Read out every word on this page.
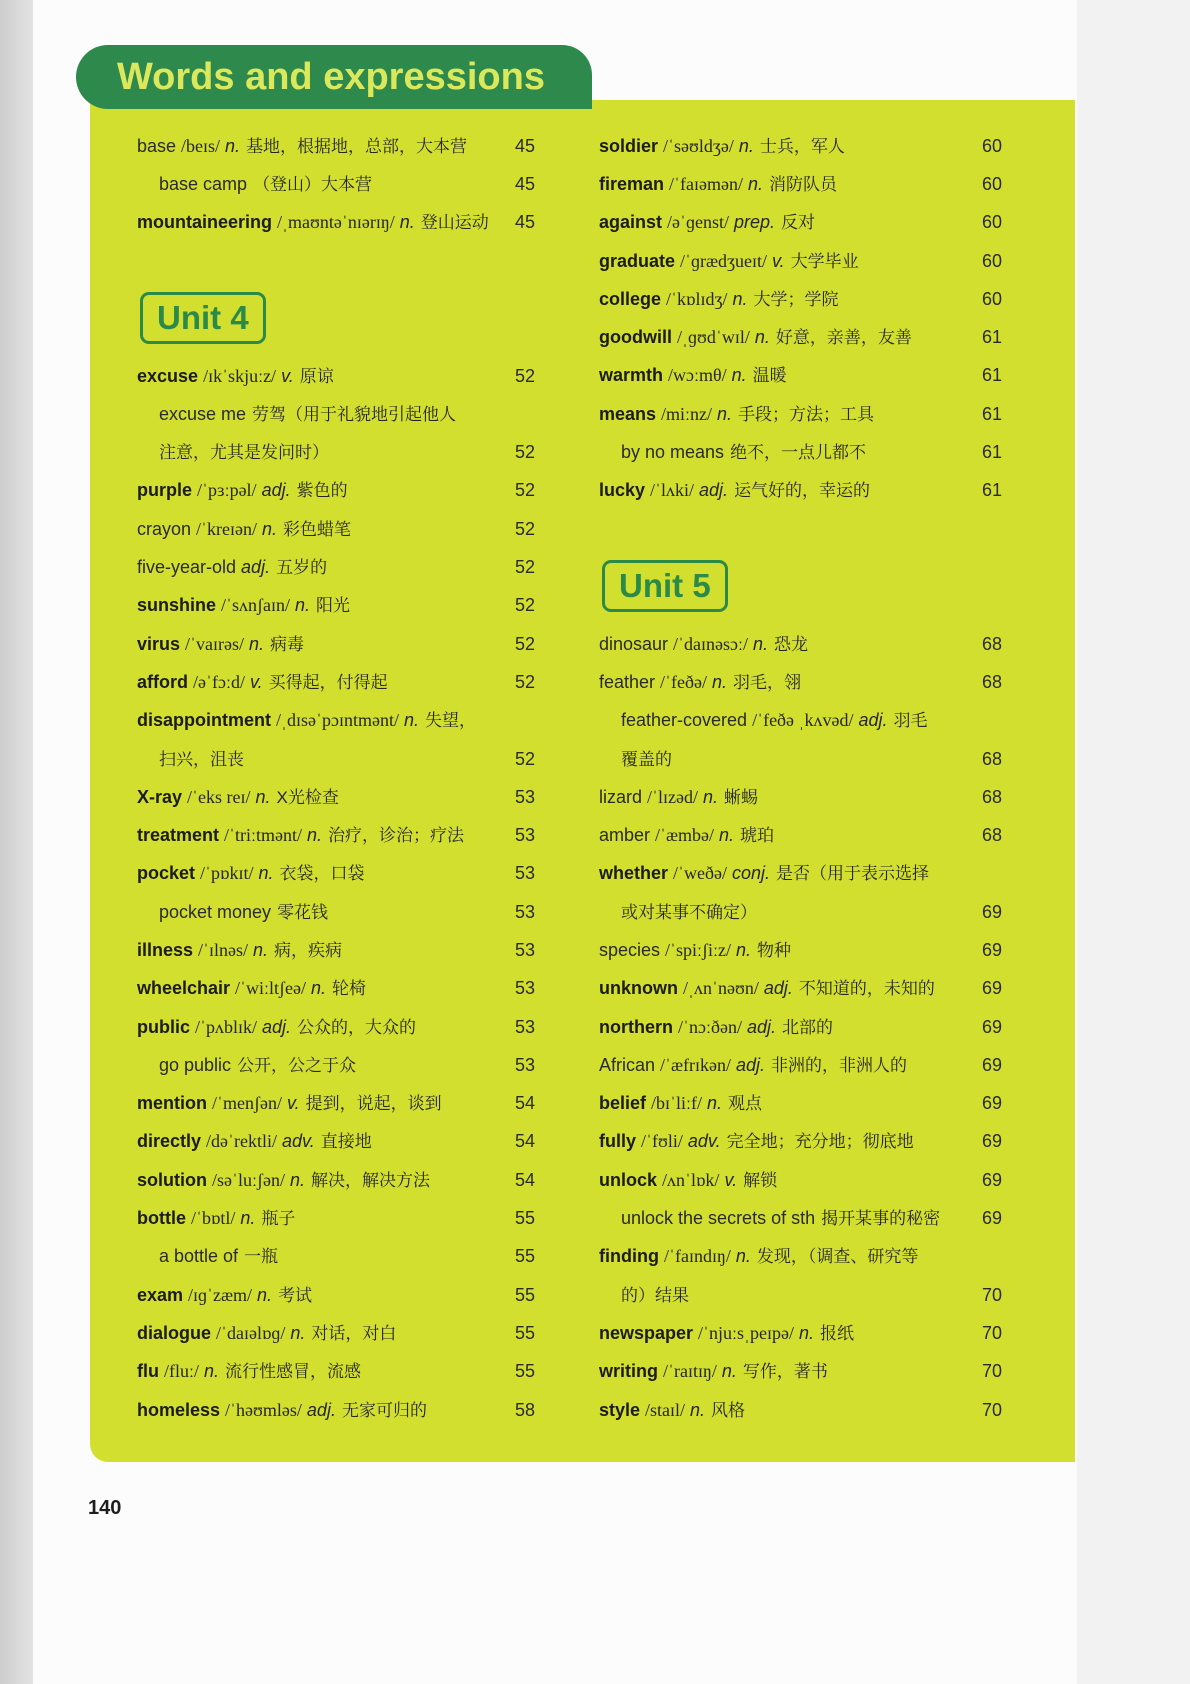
Words and expressions
base /beɪs/ n. 基地，根据地，总部，大本营	45
base camp （登山）大本营	45
mountaineering /ˌmaʊntəˈnɪərɪŋ/ n. 登山运动	45
Unit 4
excuse /ɪkˈskjuːz/ v. 原谅	52
excuse me 劳驾（用于礼貌地引起他人
注意，尤其是发问时）	52
purple /ˈpɜːpəl/ adj. 紫色的	52
crayon /ˈkreɪən/ n. 彩色蜡笔	52
five-year-old adj. 五岁的	52
sunshine /ˈsʌnʃaɪn/ n. 阳光	52
virus /ˈvaɪrəs/ n. 病毒	52
afford /əˈfɔːd/ v. 买得起，付得起	52
disappointment /ˌdɪsəˈpɔɪntmənt/ n. 失望，
扫兴，沮丧	52
X-ray /ˈeks reɪ/ n. X光检查	53
treatment /ˈtriːtmənt/ n. 治疗，诊治；疗法	53
pocket /ˈpɒkɪt/ n. 衣袋，口袋	53
pocket money 零花钱	53
illness /ˈɪlnəs/ n. 病，疾病	53
wheelchair /ˈwiːltʃeə/ n. 轮椅	53
public /ˈpʌblɪk/ adj. 公众的，大众的	53
go public 公开，公之于众	53
mention /ˈmenʃən/ v. 提到，说起，谈到	54
directly /dəˈrektli/ adv. 直接地	54
solution /səˈluːʃən/ n. 解决，解决方法	54
bottle /ˈbɒtl/ n. 瓶子	55
a bottle of 一瓶	55
exam /ɪɡˈzæm/ n. 考试	55
dialogue /ˈdaɪəlɒɡ/ n. 对话，对白	55
flu /fluː/ n. 流行性感冒，流感	55
homeless /ˈhəʊmləs/ adj. 无家可归的	58
soldier /ˈsəʊldʒə/ n. 士兵，军人	60
fireman /ˈfaɪəmən/ n. 消防队员	60
against /əˈɡenst/ prep. 反对	60
graduate /ˈɡrædʒueɪt/ v. 大学毕业	60
college /ˈkɒlɪdʒ/ n. 大学；学院	60
goodwill /ˌɡʊdˈwɪl/ n. 好意，亲善，友善	61
warmth /wɔːmθ/ n. 温暖	61
means /miːnz/ n. 手段；方法；工具	61
by no means 绝不，一点儿都不	61
lucky /ˈlʌki/ adj. 运气好的，幸运的	61
Unit 5
dinosaur /ˈdaɪnəsɔː/ n. 恐龙	68
feather /ˈfeðə/ n. 羽毛，翎	68
feather-covered /ˈfeðə ˌkʌvəd/ adj. 羽毛
覆盖的	68
lizard /ˈlɪzəd/ n. 蜥蜴	68
amber /ˈæmbə/ n. 琥珀	68
whether /ˈweðə/ conj. 是否（用于表示选择
或对某事不确定）	69
species /ˈspiːʃiːz/ n. 物种	69
unknown /ˌʌnˈnəʊn/ adj. 不知道的，未知的	69
northern /ˈnɔːðən/ adj. 北部的	69
African /ˈæfrɪkən/ adj. 非洲的，非洲人的	69
belief /bɪˈliːf/ n. 观点	69
fully /ˈfʊli/ adv. 完全地；充分地；彻底地	69
unlock /ʌnˈlɒk/ v. 解锁	69
unlock the secrets of sth 揭开某事的秘密	69
finding /ˈfaɪndɪŋ/ n. 发现，（调查、研究等
的）结果	70
newspaper /ˈnjuːsˌpeɪpə/ n. 报纸	70
writing /ˈraɪtɪŋ/ n. 写作，著书	70
style /staɪl/ n. 风格	70
140
